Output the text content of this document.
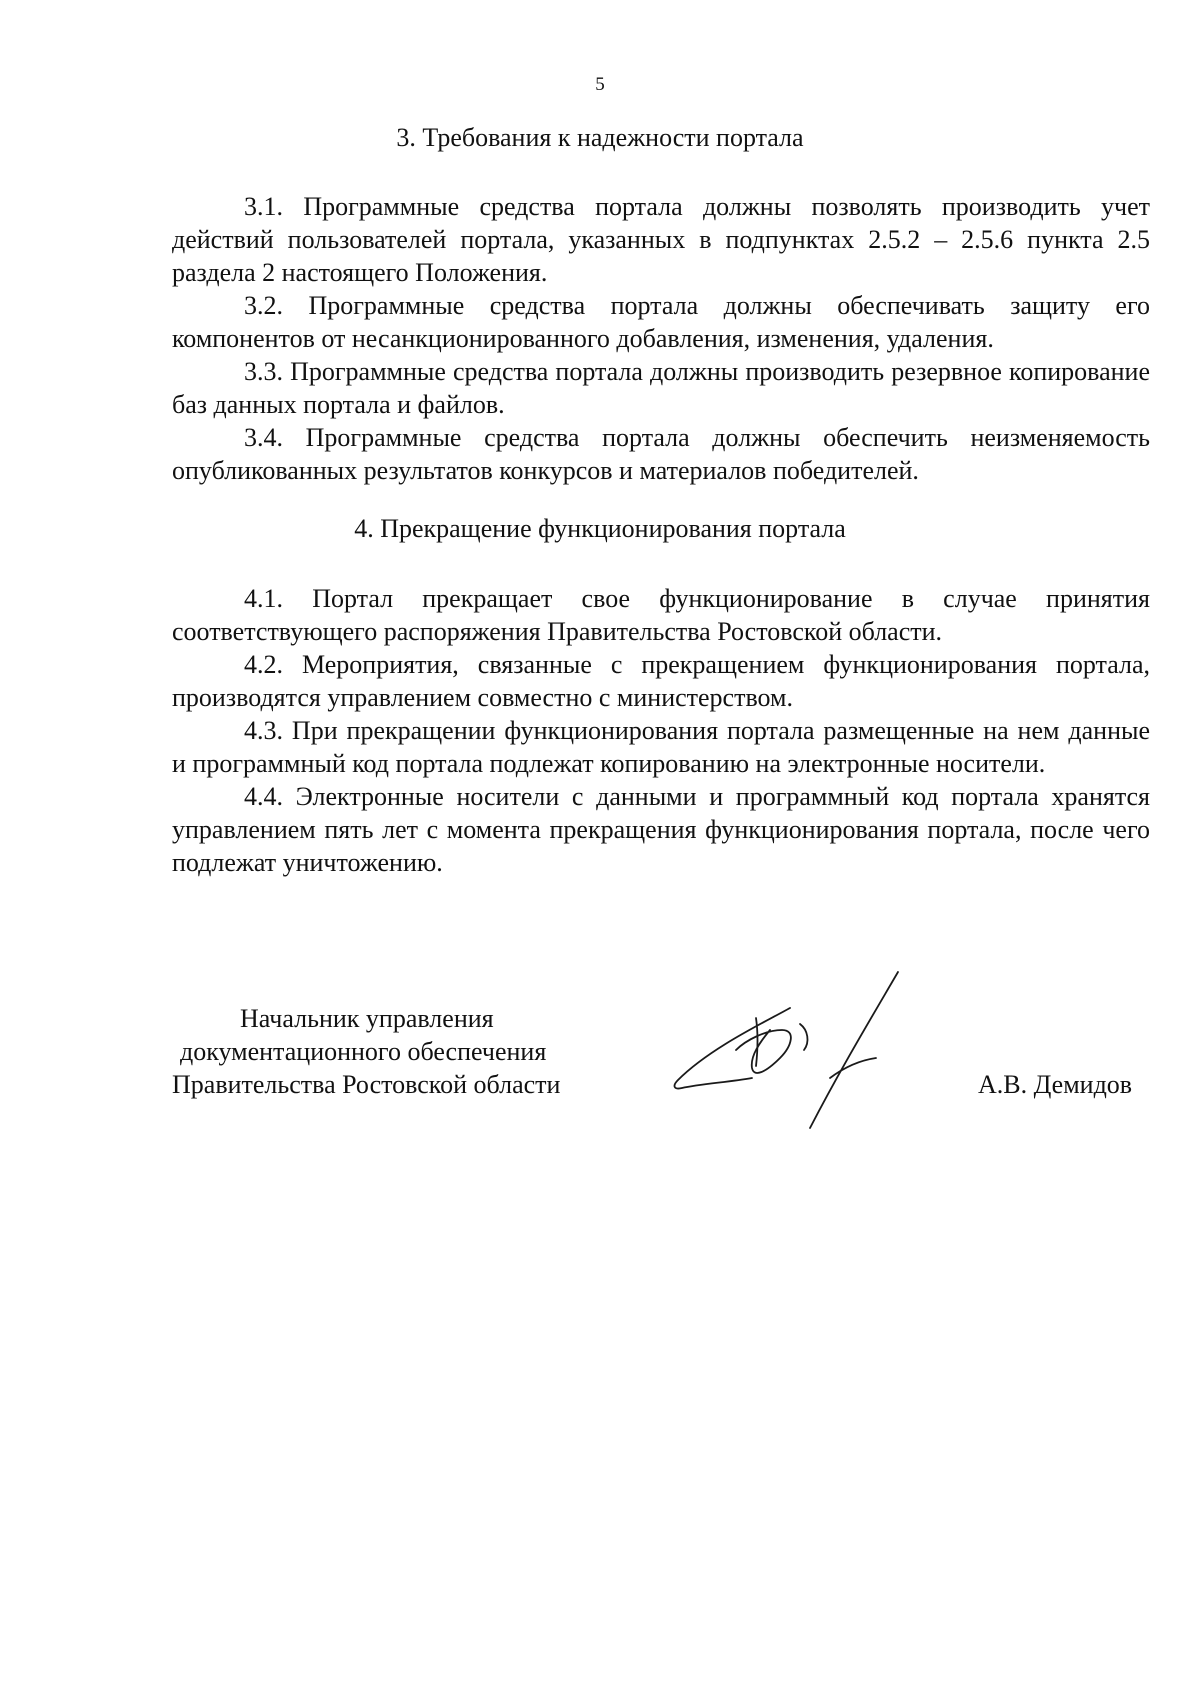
5
3. Требования к надежности портала

3.1. Программные средства портала должны позволять производить учет действий пользователей портала, указанных в подпунктах 2.5.2 – 2.5.6 пункта 2.5 раздела 2 настоящего Положения.

3.2. Программные средства портала должны обеспечивать защиту его компонентов от несанкционированного добавления, изменения, удаления.

3.3. Программные средства портала должны производить резервное копирование баз данных портала и файлов.

3.4. Программные средства портала должны обеспечить неизменяемость опубликованных результатов конкурсов и материалов победителей.

4. Прекращение функционирования портала

4.1. Портал прекращает свое функционирование в случае принятия соответствующего распоряжения Правительства Ростовской области.

4.2. Мероприятия, связанные с прекращением функционирования портала, производятся управлением совместно с министерством.

4.3. При прекращении функционирования портала размещенные на нем данные и программный код портала подлежат копированию на электронные носители.

4.4. Электронные носители с данными и программный код портала хранятся управлением пять лет с момента прекращения функционирования портала, после чего подлежат уничтожению.

Начальник управления
документационного обеспечения
Правительства Ростовской области	А.В. Демидов
